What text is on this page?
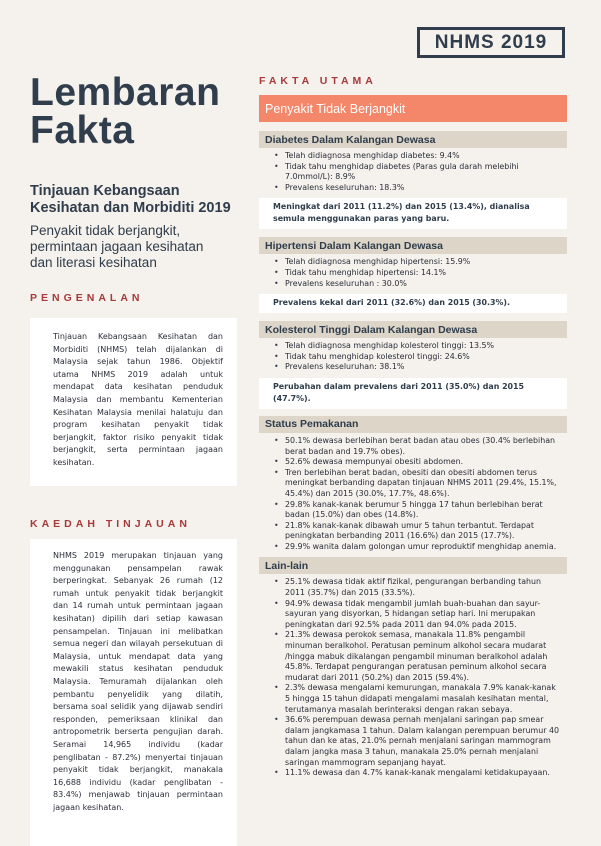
NHMS 2019
Lembaran
Fakta
Tinjauan Kebangsaan
Kesihatan dan Morbiditi 2019
Penyakit tidak berjangkit,
permintaan jagaan kesihatan
dan literasi kesihatan
PENGENALAN
Tinjauan Kebangsaan Kesihatan dan Morbiditi (NHMS) telah dijalankan di Malaysia sejak tahun 1986. Objektif utama NHMS 2019 adalah untuk mendapat data kesihatan penduduk Malaysia dan membantu Kementerian Kesihatan Malaysia menilai halatuju dan program kesihatan penyakit tidak berjangkit, faktor risiko penyakit tidak berjangkit, serta permintaan jagaan kesihatan.
KAEDAH TINJAUAN
NHMS 2019 merupakan tinjauan yang menggunakan pensampelan rawak berperingkat. Sebanyak 26 rumah (12 rumah untuk penyakit tidak berjangkit dan 14 rumah untuk permintaan jagaan kesihatan) dipilih dari setiap kawasan pensampelan. Tinjauan ini melibatkan semua negeri dan wilayah persekutuan di Malaysia, untuk mendapat data yang mewakili status kesihatan penduduk Malaysia. Temuramah dijalankan oleh pembantu penyelidik yang dilatih, bersama soal selidik yang dijawab sendiri responden, pemeriksaan klinikal dan antropometrik berserta pengujian darah. Seramai 14,965 individu (kadar penglibatan - 87.2%) menyertai tinjauan penyakit tidak berjangkit, manakala 16,688 individu (kadar penglibatan - 83.4%) menjawab tinjauan permintaan jagaan kesihatan.
FAKTA UTAMA
Penyakit Tidak Berjangkit
Diabetes Dalam Kalangan Dewasa
• Telah didiagnosa menghidap diabetes: 9.4%
• Tidak tahu menghidap diabetes (Paras gula darah melebihi 7.0mmol/L): 8.9%
• Prevalens keseluruhan: 18.3%
Meningkat dari 2011 (11.2%) dan 2015 (13.4%), dianalisa semula menggunakan paras yang baru.
Hipertensi Dalam Kalangan Dewasa
• Telah didiagnosa menghidap hipertensi: 15.9%
• Tidak tahu menghidap hipertensi: 14.1%
• Prevalens keseluruhan : 30.0%
Prevalens kekal dari 2011 (32.6%) dan 2015 (30.3%).
Kolesterol Tinggi Dalam Kalangan Dewasa
• Telah didiagnosa menghidap kolesterol tinggi: 13.5%
• Tidak tahu menghidap kolesterol tinggi: 24.6%
• Prevalens keseluruhan: 38.1%
Perubahan dalam prevalens dari 2011 (35.0%) dan 2015 (47.7%).
Status Pemakanan
• 50.1% dewasa berlebihan berat badan atau obes (30.4% berlebihan berat badan and 19.7% obes).
• 52.6% dewasa mempunyai obesiti abdomen.
• Tren berlebihan berat badan, obesiti dan obesiti abdomen terus meningkat berbanding dapatan tinjauan NHMS 2011 (29.4%, 15.1%, 45.4%) dan 2015 (30.0%, 17.7%, 48.6%).
• 29.8% kanak-kanak berumur 5 hingga 17 tahun berlebihan berat badan (15.0%) dan obes (14.8%).
• 21.8% kanak-kanak dibawah umur 5 tahun terbantut. Terdapat peningkatan berbanding 2011 (16.6%) dan 2015 (17.7%).
• 29.9% wanita dalam golongan umur reproduktif menghidap anemia.
Lain-lain
• 25.1% dewasa tidak aktif fizikal, pengurangan berbanding tahun 2011 (35.7%) dan 2015 (33.5%).
• 94.9% dewasa tidak mengambil jumlah buah-buahan dan sayur-sayuran yang disyorkan, 5 hidangan setiap hari. Ini merupakan peningkatan dari 92.5% pada 2011 dan 94.0% pada 2015.
• 21.3% dewasa perokok semasa, manakala 11.8% pengambil minuman beralkohol. Peratusan peminum alkohol secara mudarat /hingga mabuk dikalangan pengambil minuman beralkohol adalah 45.8%. Terdapat pengurangan peratusan peminum alkohol secara mudarat dari 2011 (50.2%) dan 2015 (59.4%).
• 2.3% dewasa mengalami kemurungan, manakala 7.9% kanak-kanak 5 hingga 15 tahun didapati mengalami masalah kesihatan mental, terutamanya masalah berinteraksi dengan rakan sebaya.
• 36.6% perempuan dewasa pernah menjalani saringan pap smear dalam jangkamasa 1 tahun. Dalam kalangan perempuan berumur 40 tahun dan ke atas, 21.0% pernah menjalani saringan mammogram dalam jangka masa 3 tahun, manakala 25.0% pernah menjalani saringan mammogram sepanjang hayat.
• 11.1% dewasa dan 4.7% kanak-kanak mengalami ketidakupayaan.
